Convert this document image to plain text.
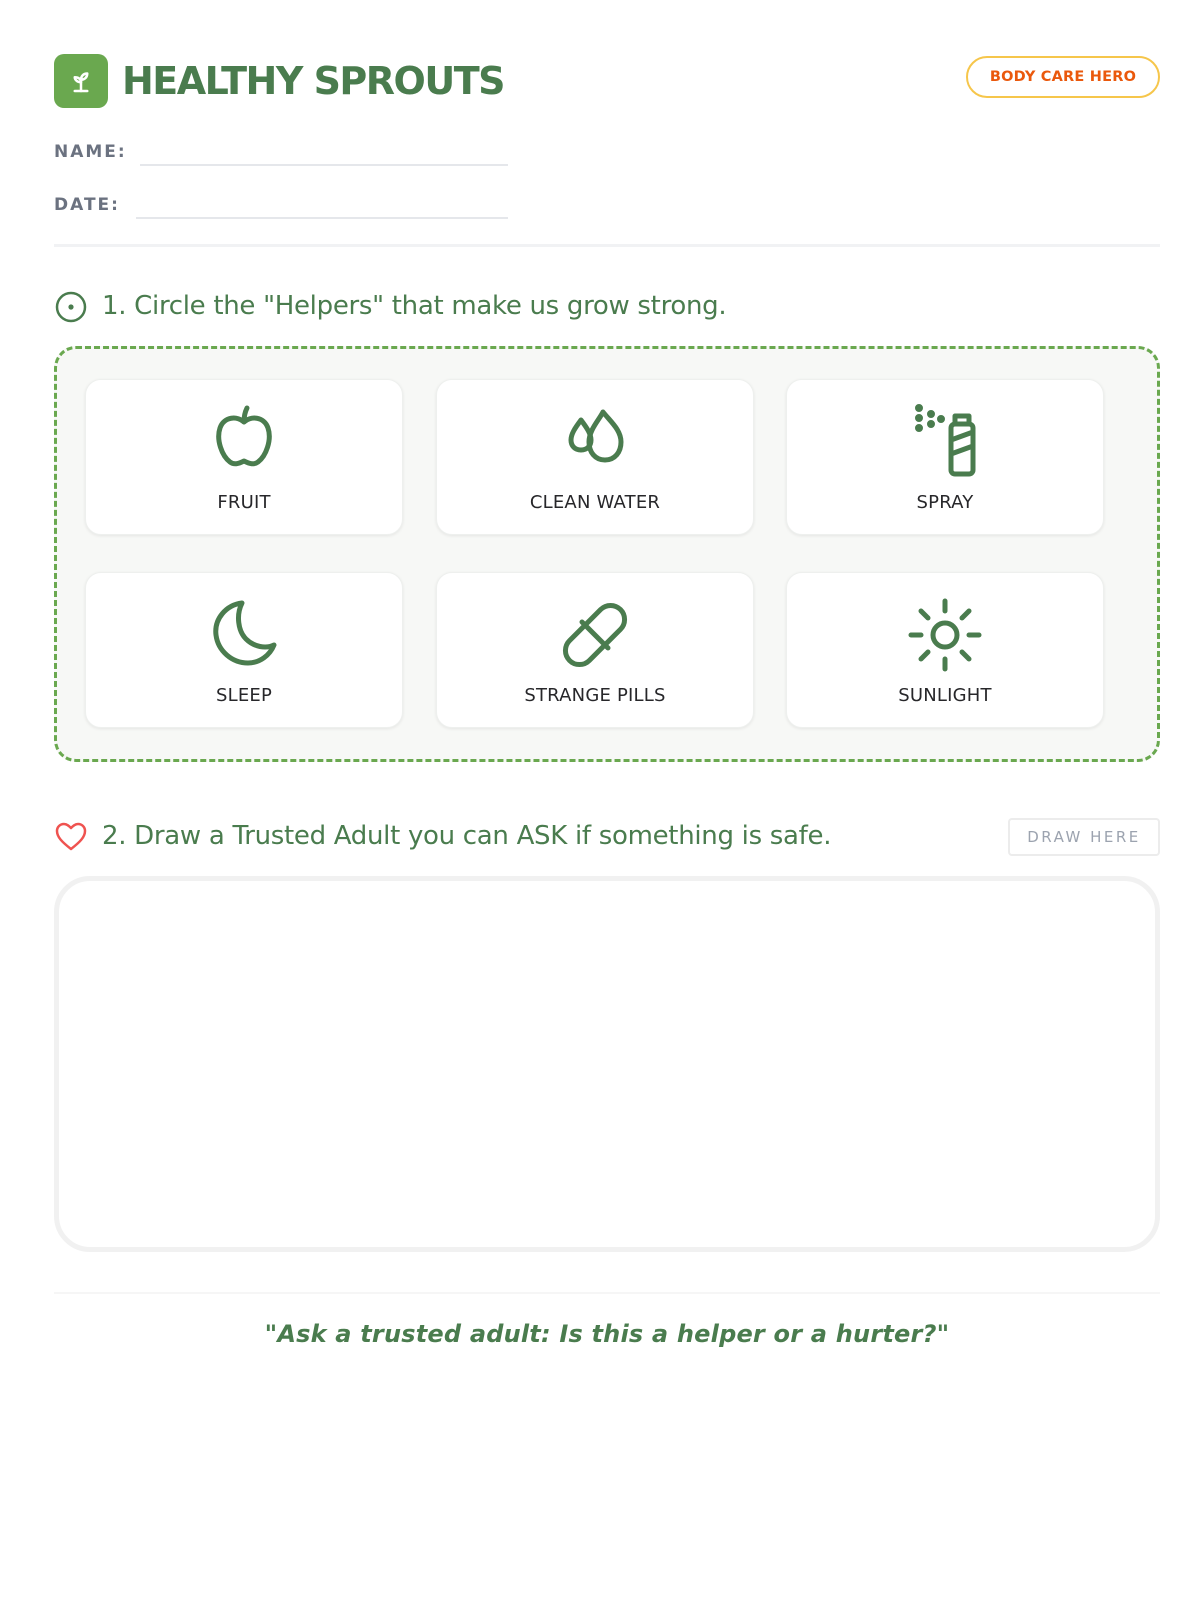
HEALTHY SPROUTS	BODY CARE HERO
NAME:
DATE:
1. Circle the "Helpers" that make us grow strong.
FRUIT	CLEAN WATER	SPRAY
SLEEP	STRANGE PILLS	SUNLIGHT
2. Draw a Trusted Adult you can ASK if something is safe.	DRAW HERE
"Ask a trusted adult: Is this a helper or a hurter?"
